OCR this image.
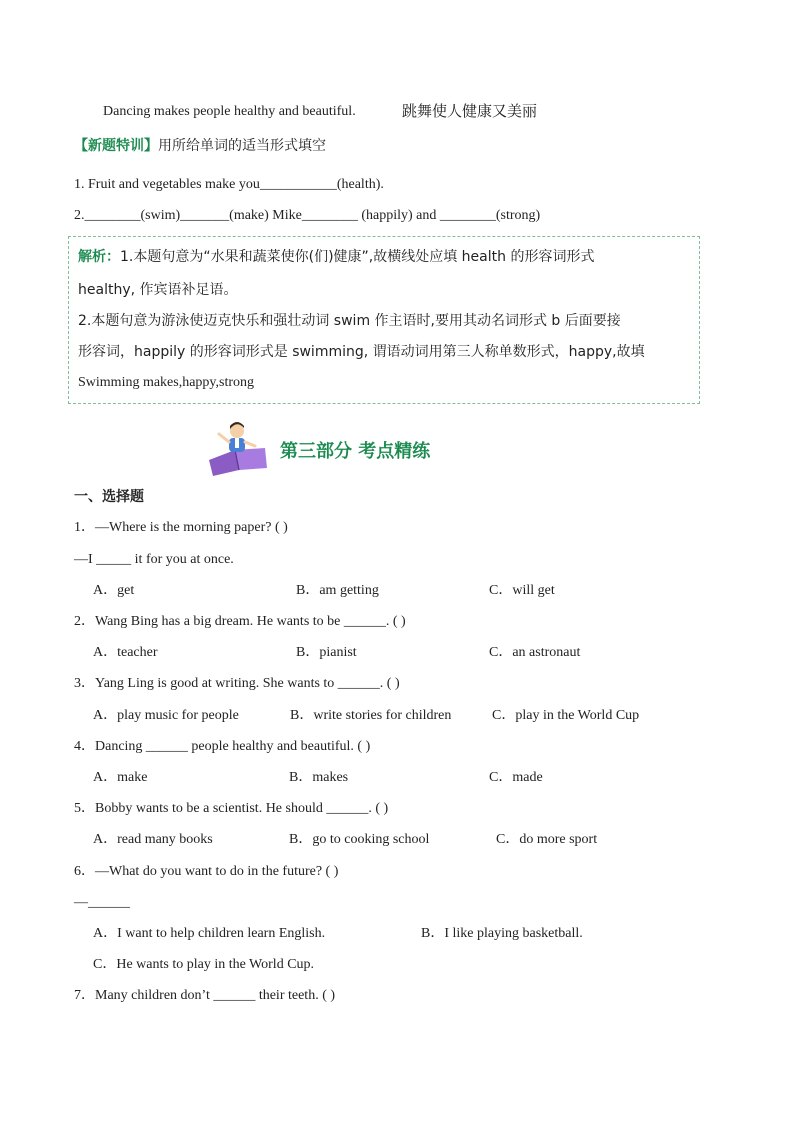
Dancing makes people healthy and beautiful.	跳舞使人健康又美丽
【新题特训】用所给单词的适当形式填空
1. Fruit and vegetables make you___________(health).
2.________(swim)_______(make) Mike________ (happily) and ________(strong)
解析：1.本题句意为“水果和蔬菜使你(们)健康”,故横线处应填 health 的形容词形式
healthy, 作宾语补足语。
2.本题句意为游泳使迈克快乐和强壮动词 swim 作主语时,要用其动名词形式 b 后面要接
形容词，happily 的形容词形式是 swimming, 谓语动词用第三人称单数形式，happy,故填
Swimming makes,happy,strong
第三部分 考点精练
一、选择题
1．—Where is the morning paper? ( )
—I _____ it for you at once.
A．get	B．am getting	C．will get
2．Wang Bing has a big dream. He wants to be ______. ( )
A．teacher	B．pianist	C．an astronaut
3．Yang Ling is good at writing. She wants to ______. ( )
A．play music for people	B．write stories for children	C．play in the World Cup
4．Dancing ______ people healthy and beautiful. ( )
A．make	B．makes	C．made
5．Bobby wants to be a scientist. He should ______. ( )
A．read many books	B．go to cooking school	C．do more sport
6．—What do you want to do in the future? ( )
—______
A．I want to help children learn English.	B．I like playing basketball.
C．He wants to play in the World Cup.
7．Many children don’t ______ their teeth. ( )
